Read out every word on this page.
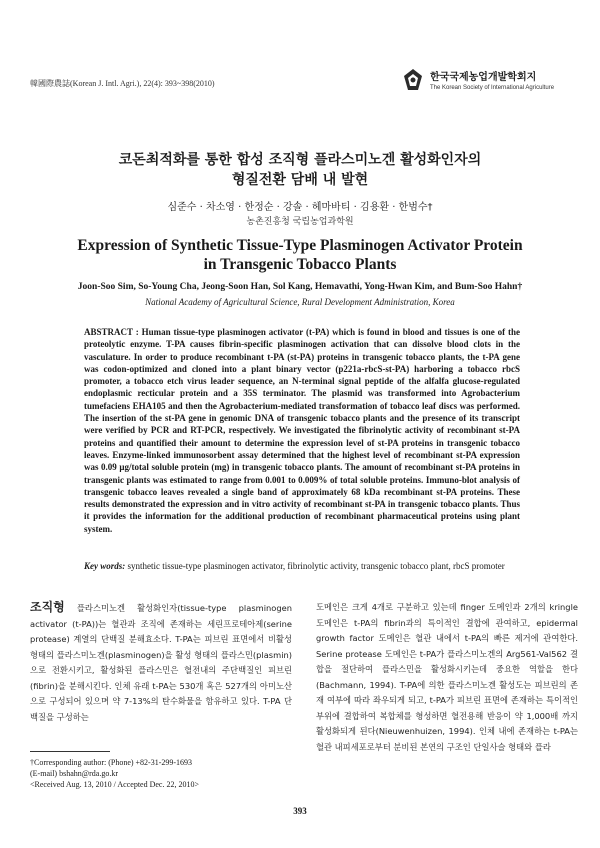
韓國際農誌(Korean J. Intl. Agri.), 22(4): 393~398(2010)
한국국제농업개발학회지
The Korean Society of International Agriculture
코돈최적화를 통한 합성 조직형 플라스미노겐 활성화인자의
형질전환 담배 내 발현
심준수 · 차소영 · 한정순 · 강솔 · 헤마바티 · 김용환 · 한범수†
농촌진흥청 국립농업과학원
Expression of Synthetic Tissue-Type Plasminogen Activator Protein
in Transgenic Tobacco Plants
Joon-Soo Sim, So-Young Cha, Jeong-Soon Han, Sol Kang, Hemavathi, Yong-Hwan Kim, and Bum-Soo Hahn†
National Academy of Agricultural Science, Rural Development Administration, Korea
ABSTRACT : Human tissue-type plasminogen activator (t-PA) which is found in blood and tissues is one of the proteolytic enzyme. T-PA causes fibrin-specific plasminogen activation that can dissolve blood clots in the vasculature. In order to produce recombinant t-PA (st-PA) proteins in transgenic tobacco plants, the t-PA gene was codon-optimized and cloned into a plant binary vector (p221a-rbcS-st-PA) harboring a tobacco rbcS promoter, a tobacco etch virus leader sequence, an N-terminal signal peptide of the alfalfa glucose-regulated endoplasmic recticular protein and a 35S terminator. The plasmid was transformed into Agrobacterium tumefaciens EHA105 and then the Agrobacterium-mediated transformation of tobacco leaf discs was performed. The insertion of the st-PA gene in genomic DNA of transgenic tobacco plants and the presence of its transcript were verified by PCR and RT-PCR, respectively. We investigated the fibrinolytic activity of recombinant st-PA proteins and quantified their amount to determine the expression level of st-PA proteins in transgenic tobacco leaves. Enzyme-linked immunosorbent assay determined that the highest level of recombinant st-PA expression was 0.09 μg/total soluble protein (mg) in transgenic tobacco plants. The amount of recombinant st-PA proteins in transgenic plants was estimated to range from 0.001 to 0.009% of total soluble proteins. Immuno-blot analysis of transgenic tobacco leaves revealed a single band of approximately 68 kDa recombinant st-PA proteins. These results demonstrated the expression and in vitro activity of recombinant st-PA in transgenic tobacco plants. Thus it provides the information for the additional production of recombinant pharmaceutical proteins using plant system.
Key words: synthetic tissue-type plasminogen activator, fibrinolytic activity, transgenic tobacco plant, rbcS promoter
조직형 플라스미노겐 활성화인자(tissue-type plasminogen activator (t-PA))는 혈관과 조직에 존재하는 세린프로테아제(serine protease) 계열의 단백질 분해효소다. T-PA는 피브린 표면에서 비활성 형태의 플라스미노겐(plasminogen)을 활성 형태의 플라스민(plasmin)으로 전환시키고, 활성화된 플라스민은 혈전내의 주단백질인 피브린(fibrin)을 분해시킨다. 인체 유래 t-PA는 530개 혹은 527개의 아미노산으로 구성되어 있으며 약 7-13%의 탄수화물을 함유하고 있다. T-PA 단백질을 구성하는
도메인은 크게 4개로 구분하고 있는데 finger 도메인과 2개의 kringle 도메인은 t-PA의 fibrin과의 특이적인 결합에 관여하고, epidermal growth factor 도메인은 혈관 내에서 t-PA의 빠른 제거에 관여한다. Serine protease 도메인은 t-PA가 플라스미노겐의 Arg561-Val562 결합을 절단하여 플라스민을 활성화시키는데 중요한 역할을 한다(Bachmann, 1994). T-PA에 의한 플라스미노겐 활성도는 피브린의 존재 여부에 따라 좌우되게 되고, t-PA가 피브린 표면에 존재하는 특이적인 부위에 결합하여 복합체를 형성하면 혈전용해 반응이 약 1,000배 까지 활성화되게 된다(Nieuwenhuizen, 1994). 인체 내에 존재하는 t-PA는 혈관 내피세포로부터 분비된 본연의 구조인 단일사슬 형태와 플라
†Corresponding author: (Phone) +82-31-299-1693
(E-mail) bshahn@rda.go.kr
<Received Aug. 13, 2010 / Accepted Dec. 22, 2010>
393
